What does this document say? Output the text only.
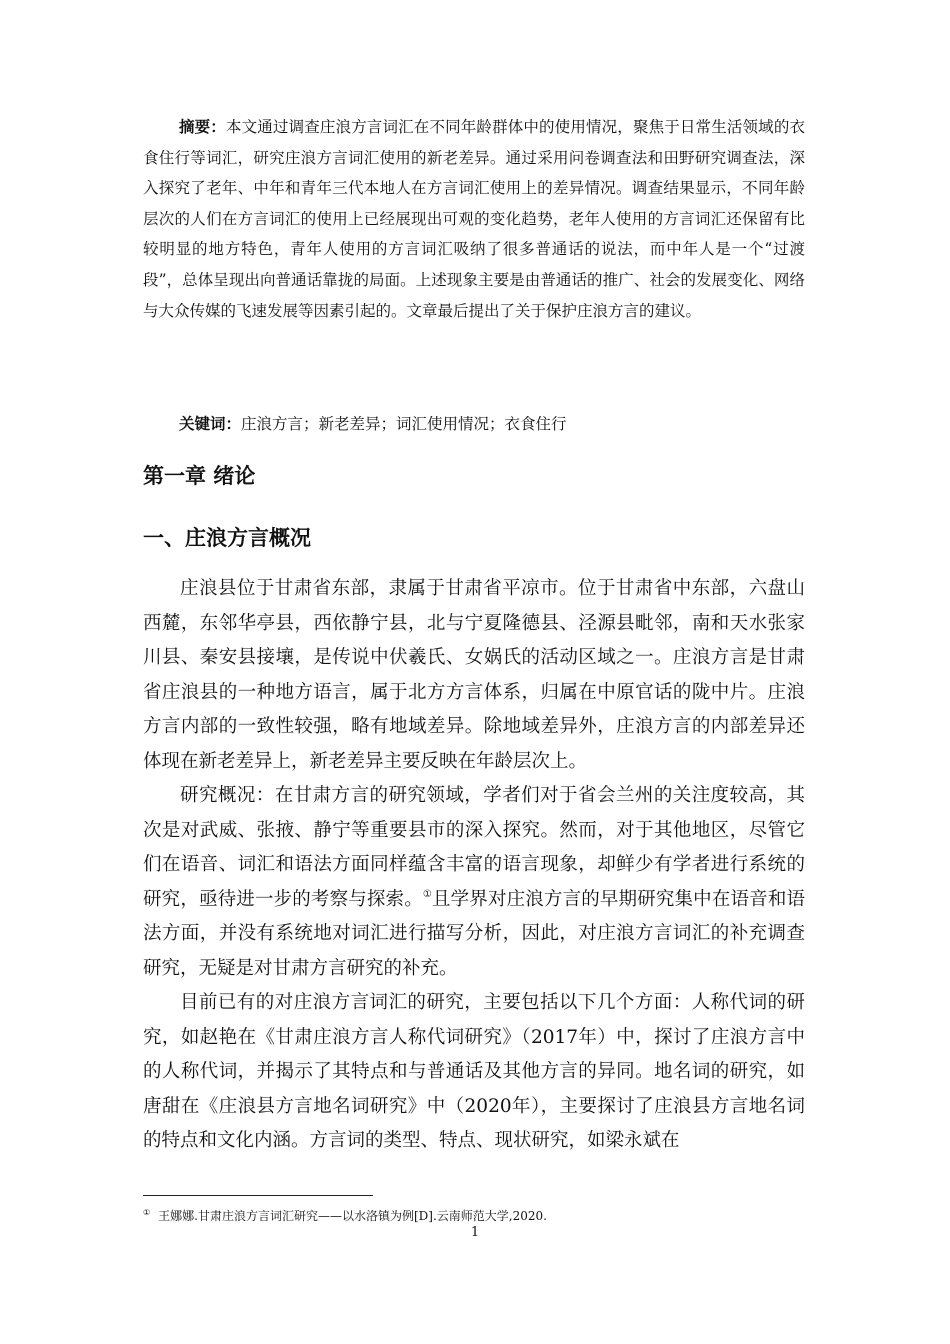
摘要：本文通过调查庄浪方言词汇在不同年龄群体中的使用情况，聚焦于日常生活领域的衣食住行等词汇，研究庄浪方言词汇使用的新老差异。通过采用问卷调查法和田野研究调查法，深入探究了老年、中年和青年三代本地人在方言词汇使用上的差异情况。调查结果显示，不同年龄层次的人们在方言词汇的使用上已经展现出可观的变化趋势，老年人使用的方言词汇还保留有比较明显的地方特色，青年人使用的方言词汇吸纳了很多普通话的说法，而中年人是一个“过渡段”，总体呈现出向普通话靠拢的局面。上述现象主要是由普通话的推广、社会的发展变化、网络与大众传媒的飞速发展等因素引起的。文章最后提出了关于保护庄浪方言的建议。

关键词：庄浪方言；新老差异；词汇使用情况；衣食住行

第一章 绪论
一、庄浪方言概况

庄浪县位于甘肃省东部，隶属于甘肃省平凉市。位于甘肃省中东部，六盘山西麓，东邻华亭县，西依静宁县，北与宁夏隆德县、泾源县毗邻，南和天水张家川县、秦安县接壤，是传说中伏羲氏、女娲氏的活动区域之一。庄浪方言是甘肃省庄浪县的一种地方语言，属于北方方言体系，归属在中原官话的陇中片。庄浪方言内部的一致性较强，略有地域差异。除地域差异外，庄浪方言的内部差异还体现在新老差异上，新老差异主要反映在年龄层次上。

研究概况：在甘肃方言的研究领域，学者们对于省会兰州的关注度较高，其次是对武威、张掖、静宁等重要县市的深入探究。然而，对于其他地区，尽管它们在语音、词汇和语法方面同样蕴含丰富的语言现象，却鲜少有学者进行系统的研究，亟待进一步的考察与探索。①且学界对庄浪方言的早期研究集中在语音和语法方面，并没有系统地对词汇进行描写分析，因此，对庄浪方言词汇的补充调查研究，无疑是对甘肃方言研究的补充。

目前已有的对庄浪方言词汇的研究，主要包括以下几个方面：人称代词的研究，如赵艳在《甘肃庄浪方言人称代词研究》（2017年）中，探讨了庄浪方言中的人称代词，并揭示了其特点和与普通话及其他方言的异同。地名词的研究，如唐甜在《庄浪县方言地名词研究》中（2020年），主要探讨了庄浪县方言地名词的特点和文化内涵。方言词的类型、特点、现状研究，如梁永斌在

① 王娜娜.甘肃庄浪方言词汇研究——以水洛镇为例[D].云南师范大学,2020.

1
